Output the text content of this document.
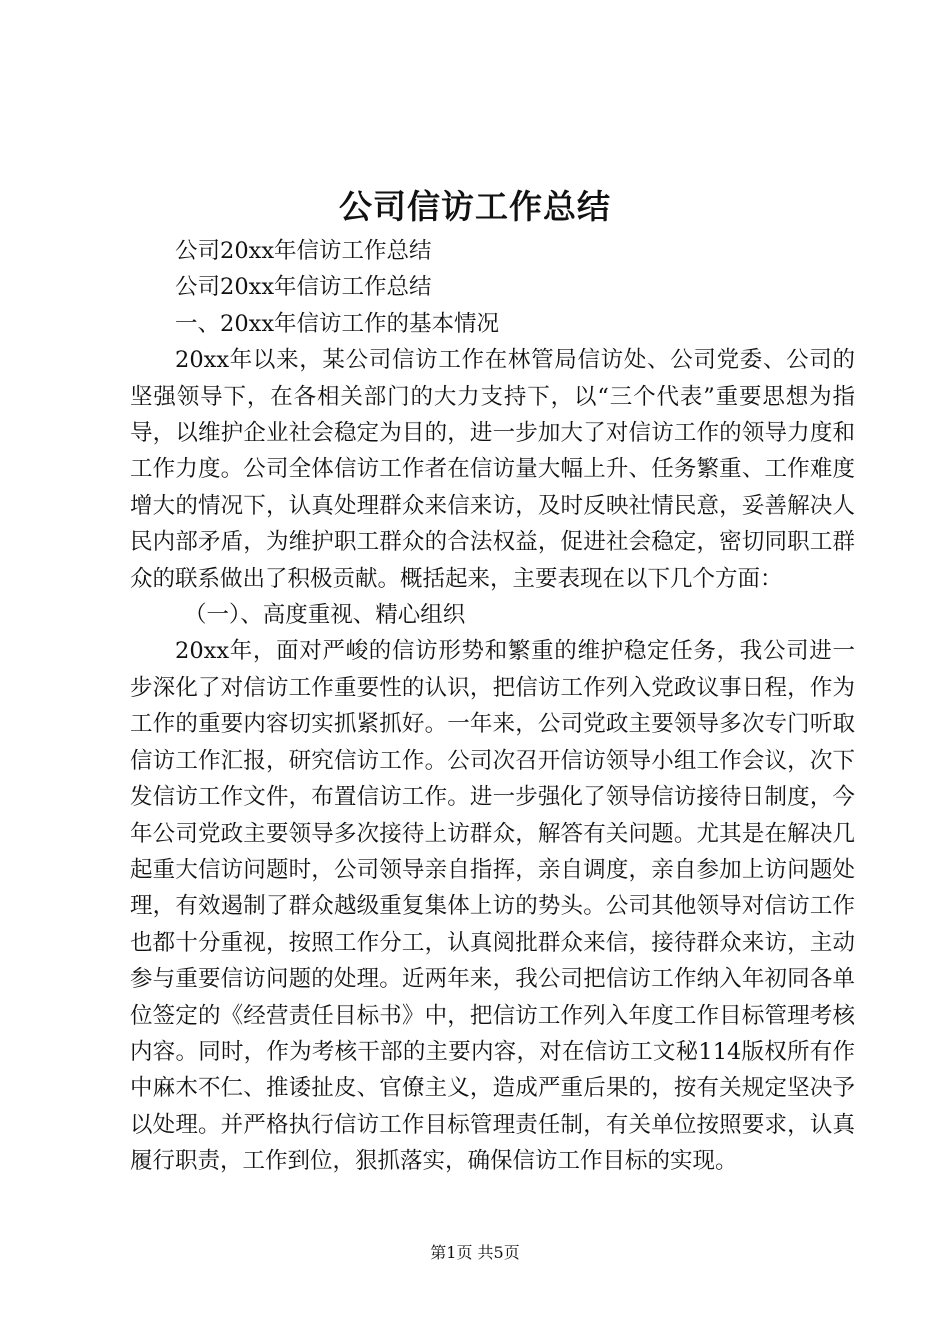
公司信访工作总结

公司20xx年信访工作总结

公司20xx年信访工作总结

一、20xx年信访工作的基本情况

20xx年以来，某公司信访工作在林管局信访处、公司党委、公司的坚强领导下，在各相关部门的大力支持下，以“三个代表”重要思想为指导，以维护企业社会稳定为目的，进一步加大了对信访工作的领导力度和工作力度。公司全体信访工作者在信访量大幅上升、任务繁重、工作难度增大的情况下，认真处理群众来信来访，及时反映社情民意，妥善解决人民内部矛盾，为维护职工群众的合法权益，促进社会稳定，密切同职工群众的联系做出了积极贡献。概括起来，主要表现在以下几个方面：

（一）、高度重视、精心组织

20xx年，面对严峻的信访形势和繁重的维护稳定任务，我公司进一步深化了对信访工作重要性的认识，把信访工作列入党政议事日程，作为工作的重要内容切实抓紧抓好。一年来，公司党政主要领导多次专门听取信访工作汇报，研究信访工作。公司次召开信访领导小组工作会议，次下发信访工作文件，布置信访工作。进一步强化了领导信访接待日制度，今年公司党政主要领导多次接待上访群众，解答有关问题。尤其是在解决几起重大信访问题时，公司领导亲自指挥，亲自调度，亲自参加上访问题处理，有效遏制了群众越级重复集体上访的势头。公司其他领导对信访工作也都十分重视，按照工作分工，认真阅批群众来信，接待群众来访，主动参与重要信访问题的处理。近两年来，我公司把信访工作纳入年初同各单位签定的《经营责任目标书》中，把信访工作列入年度工作目标管理考核内容。同时，作为考核干部的主要内容，对在信访工文秘114版权所有作中麻木不仁、推诿扯皮、官僚主义，造成严重后果的，按有关规定坚决予以处理。并严格执行信访工作目标管理责任制，有关单位按照要求，认真履行职责，工作到位，狠抓落实，确保信访工作目标的实现。

第1页 共5页
